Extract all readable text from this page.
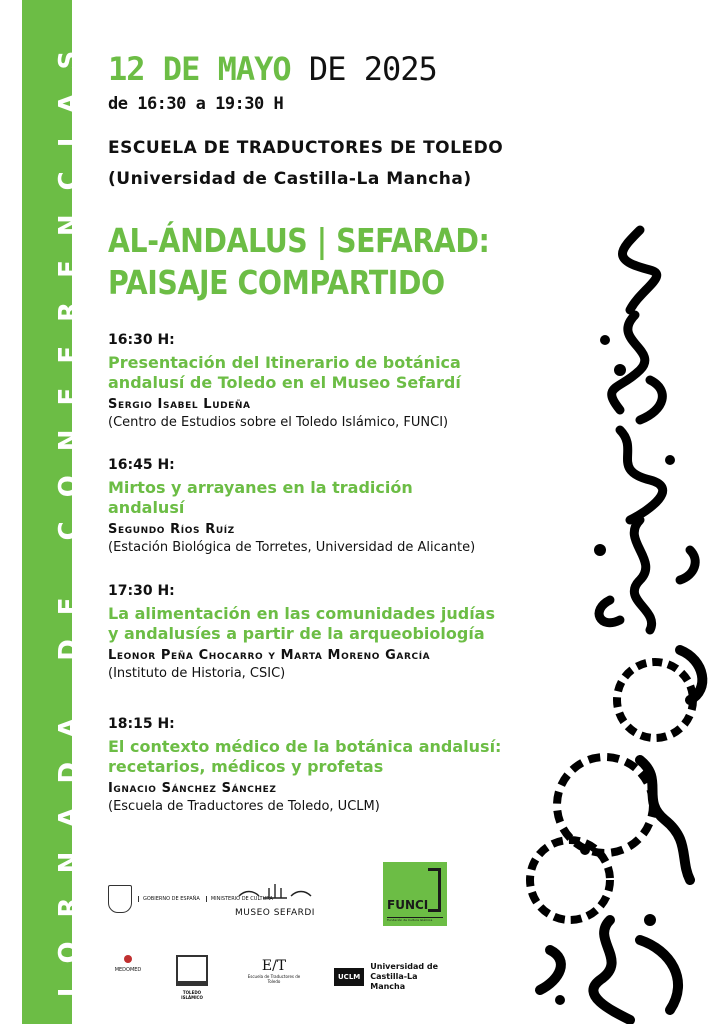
JORNADA DE CONFERENCIAS 12 DE MAYO DE 2025
de 16:30 a 19:30 H
ESCUELA DE TRADUCTORES DE TOLEDO
(Universidad de Castilla-La Mancha)
AL-ÁNDALUS | SEFARAD:
PAISAJE COMPARTIDO
16:30 H:
Presentación del Itinerario de botánica
andalusí de Toledo en el Museo Sefardí
Sergio Isabel Ludeña
(Centro de Estudios sobre el Toledo Islámico, FUNCI)
16:45 H:
Mirtos y arrayanes en la tradición
andalusí
Segundo Ríos Ruíz
(Estación Biológica de Torretes, Universidad de Alicante)
17:30 H:
La alimentación en las comunidades judías
y andalusíes a partir de la arqueobiología
Leonor Peña Chocarro y Marta Moreno García
(Instituto de Historia, CSIC)
18:15 H:
El contexto médico de la botánica andalusí:
recetarios, médicos y profetas
Ignacio Sánchez Sánchez
(Escuela de Traductores de Toledo, UCLM)
GOBIERNO DE ESPAÑA	MINISTERIO DE CULTURA
MUSEO SEFARDI
FUNCI
Fundación de Cultura Islámica
MEDOMED
TOLEDO ISLÁMICO
E/T
Escuela de Traductores de Toledo
UCLM
Universidad de
Castilla-La Mancha
